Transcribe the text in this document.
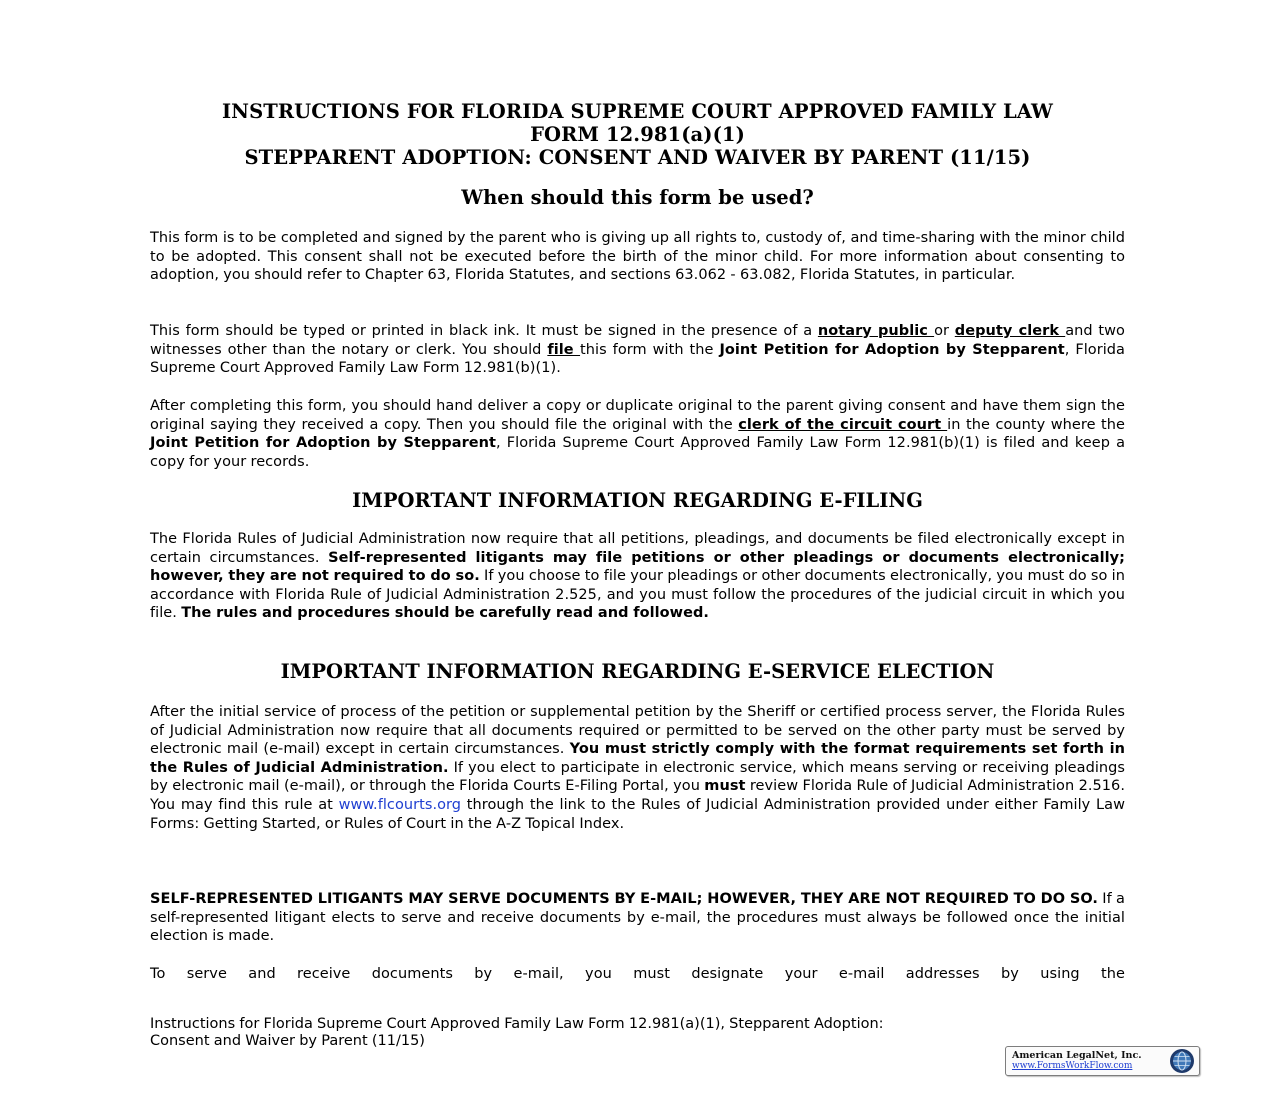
INSTRUCTIONS FOR FLORIDA SUPREME COURT APPROVED FAMILY LAW
FORM 12.981(a)(1)
STEPPARENT ADOPTION: CONSENT AND WAIVER BY PARENT (11/15)
When should this form be used?
This form is to be completed and signed by the parent who is giving up all rights to, custody of, and time-sharing with the minor child to be adopted. This consent shall not be executed before the birth of the minor child. For more information about consenting to adoption, you should refer to Chapter 63, Florida Statutes, and sections 63.062 - 63.082, Florida Statutes, in particular.
This form should be typed or printed in black ink. It must be signed in the presence of a notary public or deputy clerk and two witnesses other than the notary or clerk. You should file this form with the Joint Petition for Adoption by Stepparent, Florida Supreme Court Approved Family Law Form 12.981(b)(1).
After completing this form, you should hand deliver a copy or duplicate original to the parent giving consent and have them sign the original saying they received a copy. Then you should file the original with the clerk of the circuit court in the county where the Joint Petition for Adoption by Stepparent, Florida Supreme Court Approved Family Law Form 12.981(b)(1) is filed and keep a copy for your records.
IMPORTANT INFORMATION REGARDING E-FILING
The Florida Rules of Judicial Administration now require that all petitions, pleadings, and documents be filed electronically except in certain circumstances. Self-represented litigants may file petitions or other pleadings or documents electronically; however, they are not required to do so. If you choose to file your pleadings or other documents electronically, you must do so in accordance with Florida Rule of Judicial Administration 2.525, and you must follow the procedures of the judicial circuit in which you file. The rules and procedures should be carefully read and followed.
IMPORTANT INFORMATION REGARDING E-SERVICE ELECTION
After the initial service of process of the petition or supplemental petition by the Sheriff or certified process server, the Florida Rules of Judicial Administration now require that all documents required or permitted to be served on the other party must be served by electronic mail (e-mail) except in certain circumstances. You must strictly comply with the format requirements set forth in the Rules of Judicial Administration. If you elect to participate in electronic service, which means serving or receiving pleadings by electronic mail (e-mail), or through the Florida Courts E-Filing Portal, you must review Florida Rule of Judicial Administration 2.516. You may find this rule at www.flcourts.org through the link to the Rules of Judicial Administration provided under either Family Law Forms: Getting Started, or Rules of Court in the A-Z Topical Index.
SELF-REPRESENTED LITIGANTS MAY SERVE DOCUMENTS BY E-MAIL; HOWEVER, THEY ARE NOT REQUIRED TO DO SO. If a self-represented litigant elects to serve and receive documents by e-mail, the procedures must always be followed once the initial election is made.
To serve and receive documents by e-mail, you must designate your e-mail addresses by using the
Instructions for Florida Supreme Court Approved Family Law Form 12.981(a)(1), Stepparent Adoption:
Consent and Waiver by Parent (11/15)
American LegalNet, Inc.
www.FormsWorkFlow.com
